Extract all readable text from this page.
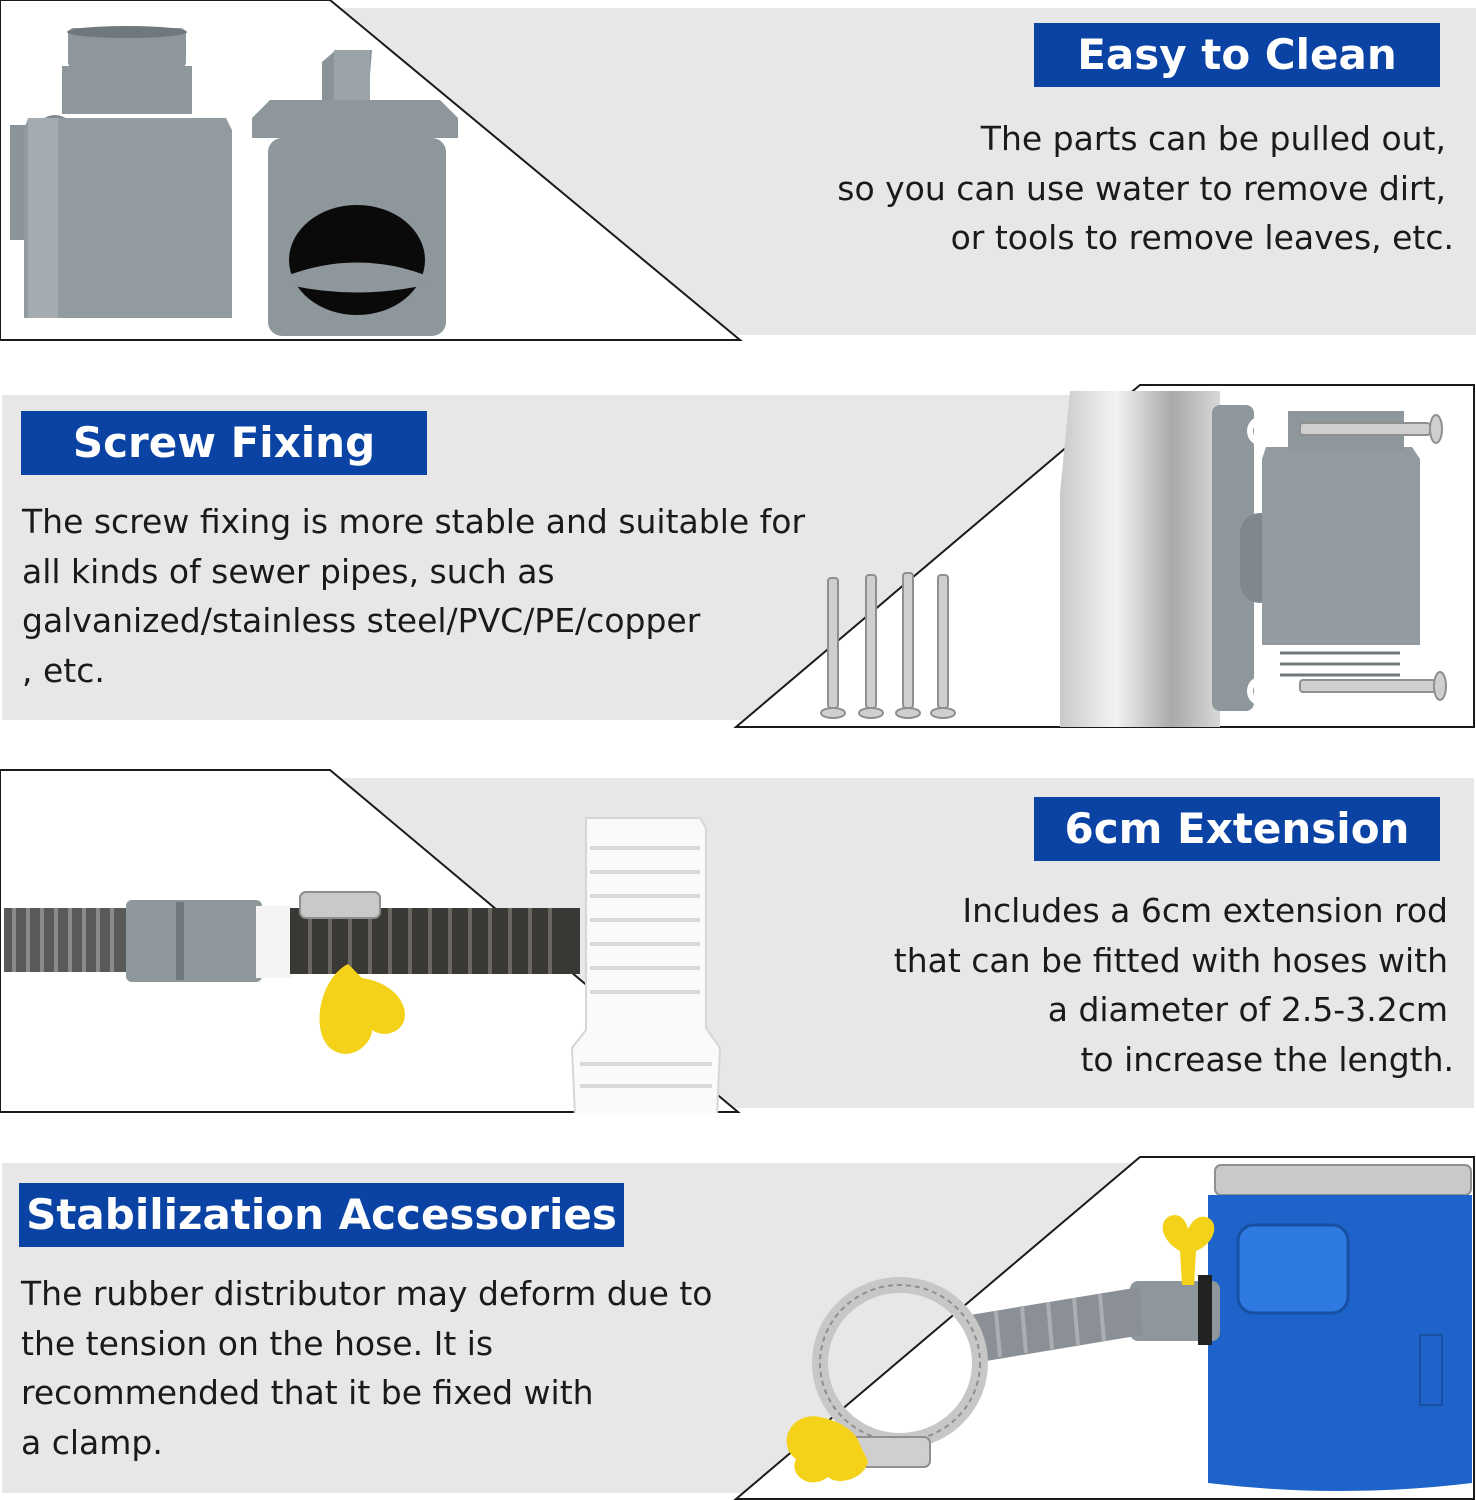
Easy to Clean
The parts can be pulled out,
so you can use water to remove dirt,
or tools to remove leaves, etc.
Screw Fixing
The screw fixing is more stable and suitable for
all kinds of sewer pipes, such as
galvanized/stainless steel/PVC/PE/copper
, etc.
6cm Extension
Includes a 6cm extension rod
that can be fitted with hoses with
a diameter of 2.5-3.2cm
to increase the length.
Stabilization Accessories
The rubber distributor may deform due to
the tension on the hose. It is
recommended that it be fixed with
a clamp.
